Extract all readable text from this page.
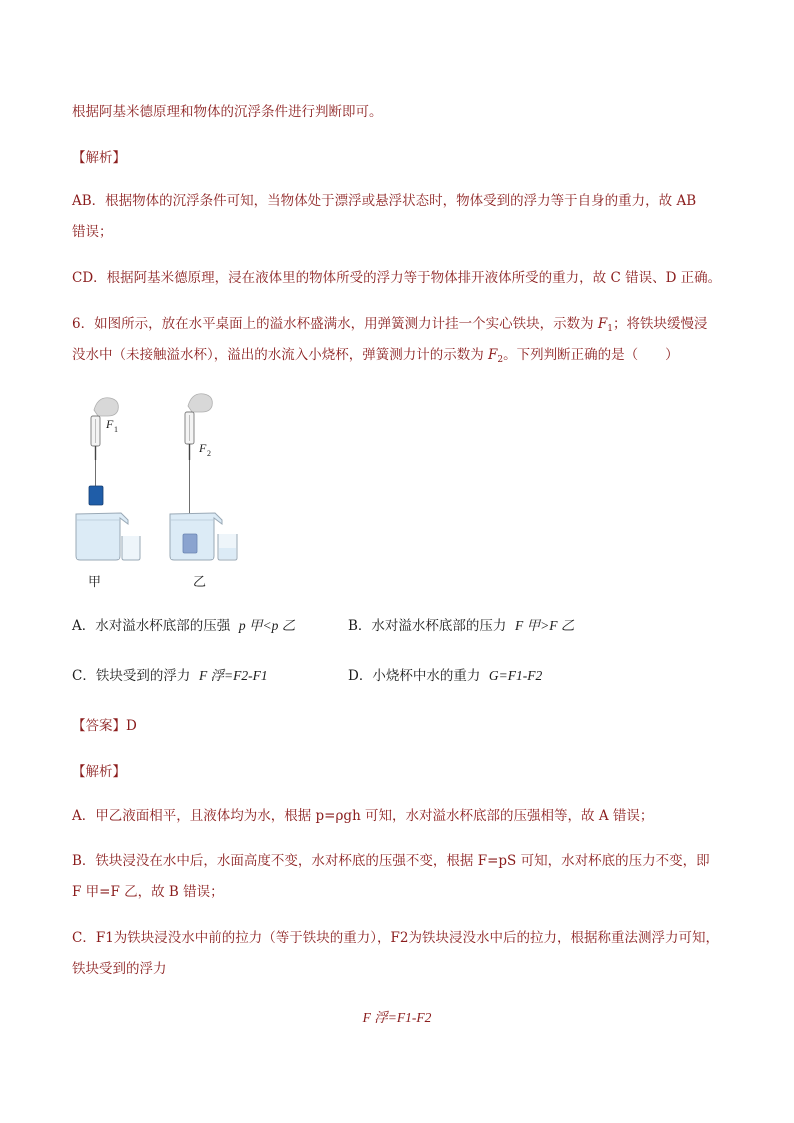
根据阿基米德原理和物体的沉浮条件进行判断即可。
【解析】
AB．根据物体的沉浮条件可知，当物体处于漂浮或悬浮状态时，物体受到的浮力等于自身的重力，故 AB
错误；
CD．根据阿基米德原理，浸在液体里的物体所受的浮力等于物体排开液体所受的重力，故 C 错误、D 正确。
6．如图所示，放在水平桌面上的溢水杯盛满水，用弹簧测力计挂一个实心铁块，示数为 $F_1$；将铁块缓慢浸
没水中（未接触溢水杯），溢出的水流入小烧杯，弹簧测力计的示数为 $F_2$。下列判断正确的是（　　）
F 1
甲
F 2
乙
A．水对溢水杯底部的压强 p 甲<p 乙	B．水对溢水杯底部的压力 F 甲>F 乙
C．铁块受到的浮力 F 浮=F2-F1	D．小烧杯中水的重力 G=F1-F2
【答案】D
【解析】
A．甲乙液面相平，且液体均为水，根据 p=ρgh 可知，水对溢水杯底部的压强相等，故 A 错误；
B．铁块浸没在水中后，水面高度不变，水对杯底的压强不变，根据 F=pS 可知，水对杯底的压力不变，即
F 甲=F 乙，故 B 错误；
C．F1为铁块浸没水中前的拉力（等于铁块的重力），F2为铁块浸没水中后的拉力，根据称重法测浮力可知，
铁块受到的浮力
F 浮=F1-F2
